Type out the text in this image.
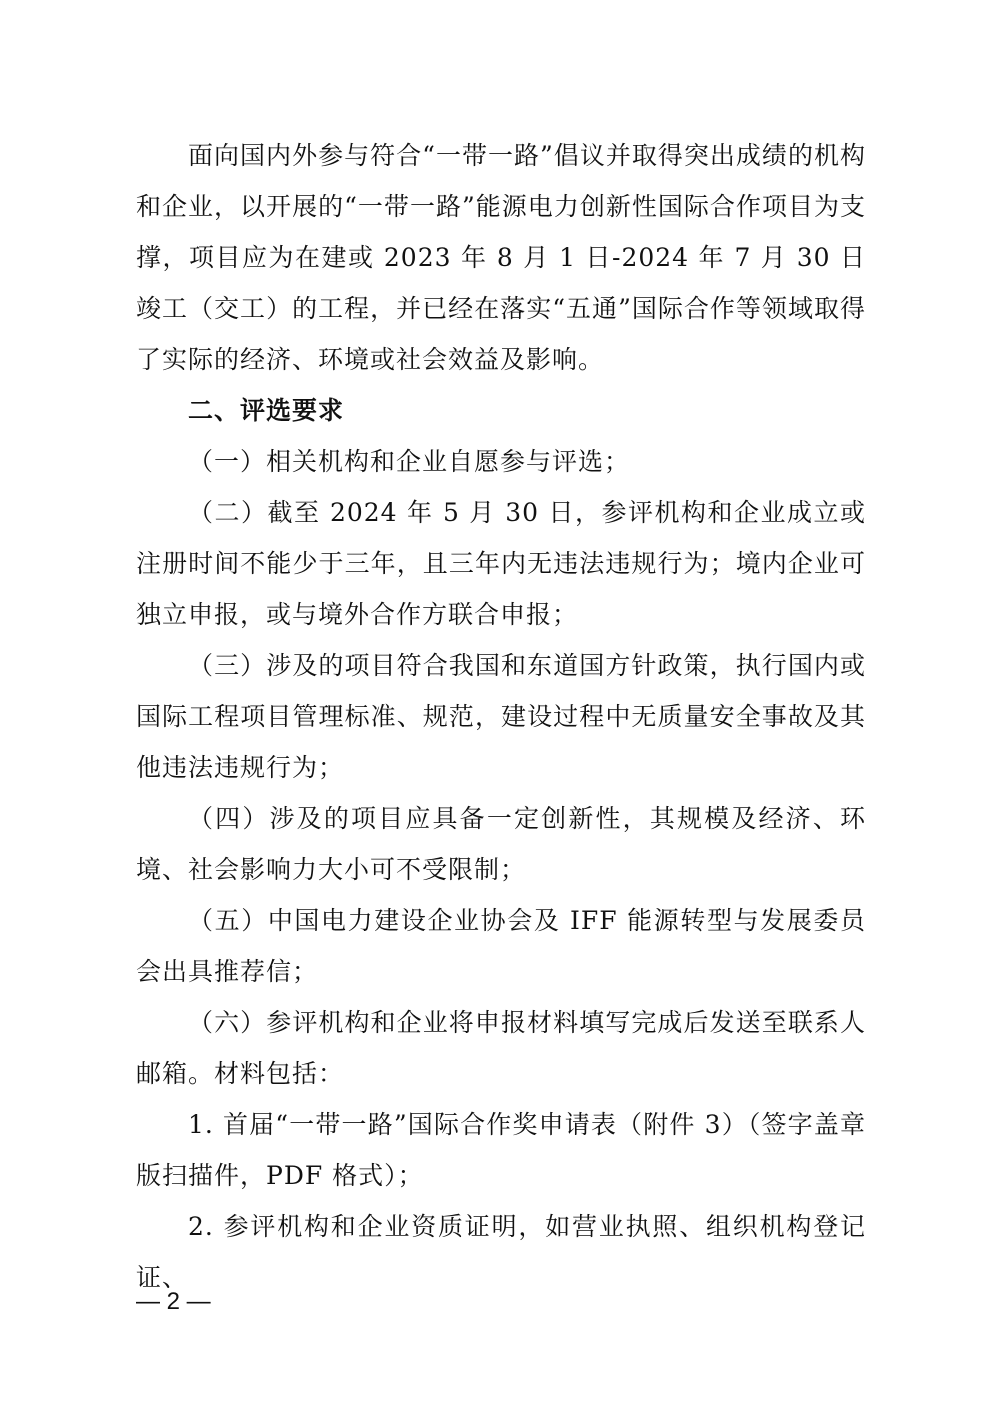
面向国内外参与符合“一带一路”倡议并取得突出成绩的机构和企业，以开展的“一带一路”能源电力创新性国际合作项目为支撑，项目应为在建或 2023 年 8 月 1 日-2024 年 7 月 30 日竣工（交工）的工程，并已经在落实“五通”国际合作等领域取得了实际的经济、环境或社会效益及影响。

二、评选要求

（一）相关机构和企业自愿参与评选；

（二）截至 2024 年 5 月 30 日，参评机构和企业成立或注册时间不能少于三年，且三年内无违法违规行为；境内企业可独立申报，或与境外合作方联合申报；

（三）涉及的项目符合我国和东道国方针政策，执行国内或国际工程项目管理标准、规范，建设过程中无质量安全事故及其他违法违规行为；

（四）涉及的项目应具备一定创新性，其规模及经济、环境、社会影响力大小可不受限制；

（五）中国电力建设企业协会及 IFF 能源转型与发展委员会出具推荐信；

（六）参评机构和企业将申报材料填写完成后发送至联系人邮箱。材料包括：

1. 首届“一带一路”国际合作奖申请表（附件 3）（签字盖章版扫描件，PDF 格式）；

2. 参评机构和企业资质证明，如营业执照、组织机构登记证、

— 2 —
